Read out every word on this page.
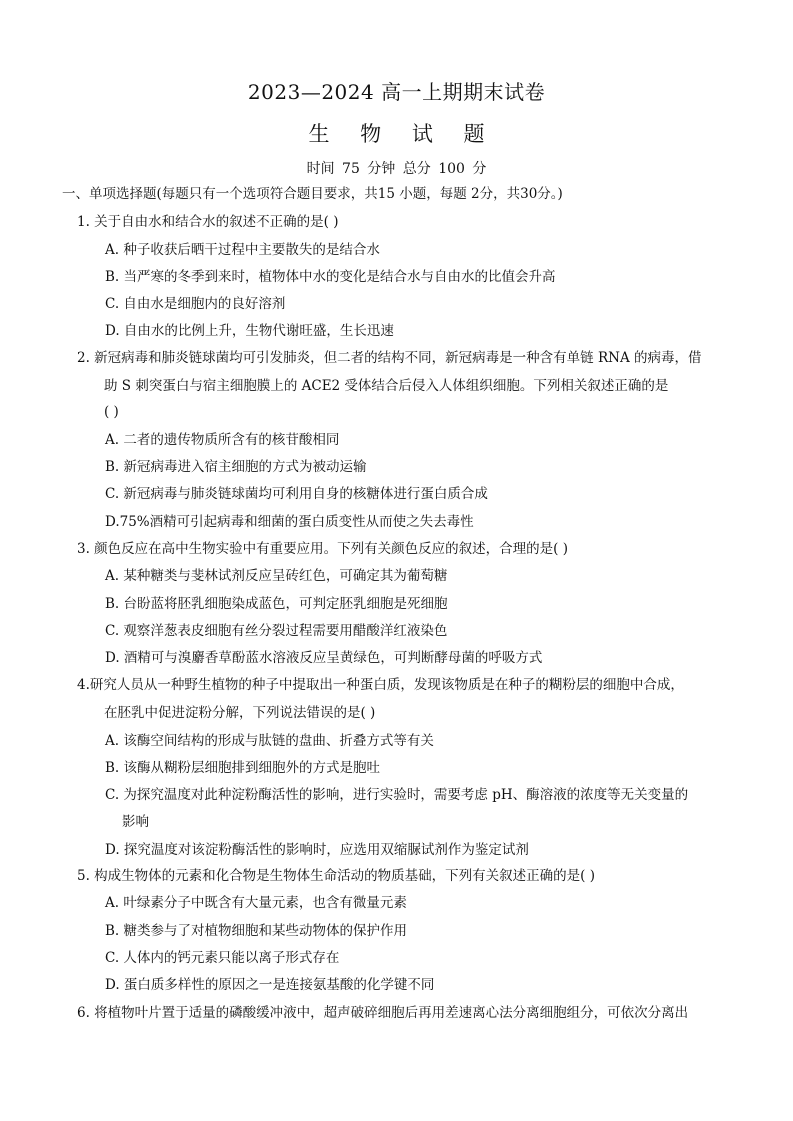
2023—2024 高一上期期末试卷
生 物 试 题
时间 75 分钟 总分 100 分
一、单项选择题(每题只有一个选项符合题目要求，共15 小题，每题 2分，共30分。)
1. 关于自由水和结合水的叙述不正确的是( )
A. 种子收获后晒干过程中主要散失的是结合水
B. 当严寒的冬季到来时，植物体中水的变化是结合水与自由水的比值会升高
C. 自由水是细胞内的良好溶剂
D. 自由水的比例上升，生物代谢旺盛，生长迅速
2. 新冠病毒和肺炎链球菌均可引发肺炎，但二者的结构不同，新冠病毒是一种含有单链 RNA 的病毒，借
助 S 刺突蛋白与宿主细胞膜上的 ACE2 受体结合后侵入人体组织细胞。下列相关叙述正确的是
( )
A. 二者的遗传物质所含有的核苷酸相同
B. 新冠病毒进入宿主细胞的方式为被动运输
C. 新冠病毒与肺炎链球菌均可利用自身的核糖体进行蛋白质合成
D.75%酒精可引起病毒和细菌的蛋白质变性从而使之失去毒性
3. 颜色反应在高中生物实验中有重要应用。下列有关颜色反应的叙述，合理的是( )
A. 某种糖类与斐林试剂反应呈砖红色，可确定其为葡萄糖
B. 台盼蓝将胚乳细胞染成蓝色，可判定胚乳细胞是死细胞
C. 观察洋葱表皮细胞有丝分裂过程需要用醋酸洋红液染色
D. 酒精可与溴麝香草酚蓝水溶液反应呈黄绿色，可判断酵母菌的呼吸方式
4.研究人员从一种野生植物的种子中提取出一种蛋白质，发现该物质是在种子的糊粉层的细胞中合成，
在胚乳中促进淀粉分解，下列说法错误的是( )
A. 该酶空间结构的形成与肽链的盘曲、折叠方式等有关
B. 该酶从糊粉层细胞排到细胞外的方式是胞吐
C. 为探究温度对此种淀粉酶活性的影响，进行实验时，需要考虑 pH、酶溶液的浓度等无关变量的
影响
D. 探究温度对该淀粉酶活性的影响时，应选用双缩脲试剂作为鉴定试剂
5. 构成生物体的元素和化合物是生物体生命活动的物质基础，下列有关叙述正确的是( )
A. 叶绿素分子中既含有大量元素，也含有微量元素
B. 糖类参与了对植物细胞和某些动物体的保护作用
C. 人体内的钙元素只能以离子形式存在
D. 蛋白质多样性的原因之一是连接氨基酸的化学键不同
6. 将植物叶片置于适量的磷酸缓冲液中，超声破碎细胞后再用差速离心法分离细胞组分，可依次分离出
